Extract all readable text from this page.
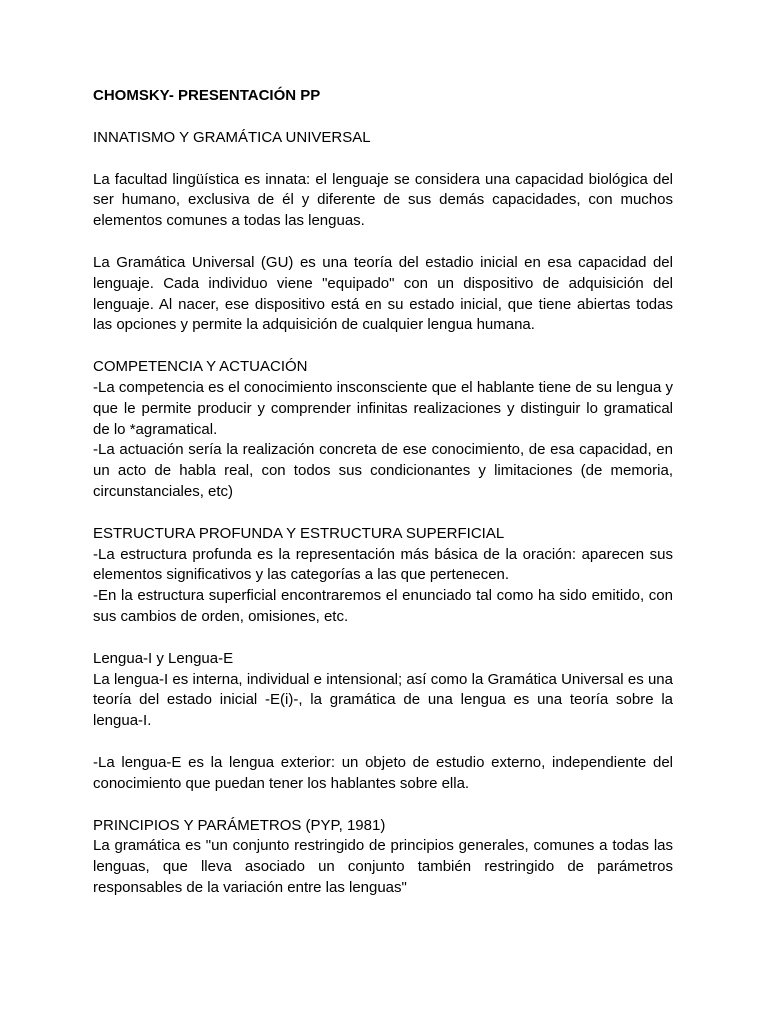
CHOMSKY- PRESENTACIÓN PP

INNATISMO Y GRAMÁTICA UNIVERSAL

La facultad lingüística es innata: el lenguaje se considera una capacidad biológica del ser humano, exclusiva de él y diferente de sus demás capacidades, con muchos elementos comunes a todas las lenguas.

La Gramática Universal (GU) es una teoría del estadio inicial en esa capacidad del lenguaje. Cada individuo viene "equipado" con un dispositivo de adquisición del lenguaje. Al nacer, ese dispositivo está en su estado inicial, que tiene abiertas todas las opciones y permite la adquisición de cualquier lengua humana.

COMPETENCIA Y ACTUACIÓN

-La competencia es el conocimiento insconsciente que el hablante tiene de su lengua y que le permite producir y comprender infinitas realizaciones y distinguir lo gramatical de lo *agramatical.

-La actuación sería la realización concreta de ese conocimiento, de esa capacidad, en un acto de habla real, con todos sus condicionantes y limitaciones (de memoria, circunstanciales, etc)

ESTRUCTURA PROFUNDA Y ESTRUCTURA SUPERFICIAL

-La estructura profunda es la representación más básica de la oración: aparecen sus elementos significativos y las categorías a las que pertenecen.

-En la estructura superficial encontraremos el enunciado tal como ha sido emitido, con sus cambios de orden, omisiones, etc.

Lengua-I y Lengua-E

La lengua-I es interna, individual e intensional; así como la Gramática Universal es una teoría del estado inicial -E(i)-, la gramática de una lengua es una teoría sobre la lengua-I.

-La lengua-E es la lengua exterior: un objeto de estudio externo, independiente del conocimiento que puedan tener los hablantes sobre ella.

PRINCIPIOS Y PARÁMETROS (PYP, 1981)

La gramática es "un conjunto restringido de principios generales, comunes a todas las lenguas, que lleva asociado un conjunto también restringido de parámetros responsables de la variación entre las lenguas"
